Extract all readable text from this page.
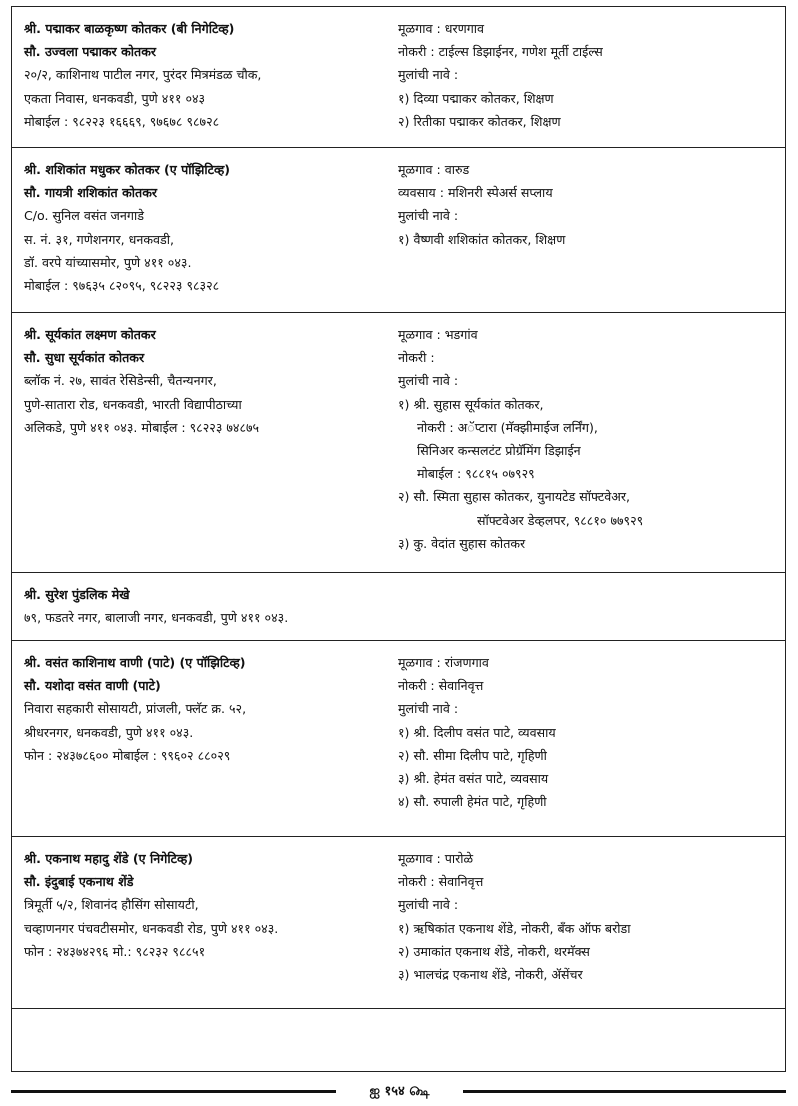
श्री. पद्माकर बाळकृष्ण कोतकर (बी निगेटिव्ह)
सौ. उज्वला पद्माकर कोतकर
२०/२, काशिनाथ पाटील नगर, पुरंदर मित्रमंडळ चौक,
एकता निवास, धनकवडी, पुणे ४११ ०४३
मोबाईल : ९८२२३ १६६६९, ९७६७८ ९८७२८
मूळगाव : धरणगाव
नोकरी : टाईल्स डिझाईनर, गणेश मूर्ती टाईल्स
मुलांची नावे :
१) दिव्या पद्माकर कोतकर, शिक्षण
२) रितीका पद्माकर कोतकर, शिक्षण
श्री. शशिकांत मधुकर कोतकर (ए पॉझिटिव्ह)
सौ. गायत्री शशिकांत कोतकर
C/o. सुनिल वसंत जनगाडे
स. नं. ३१, गणेशनगर, धनकवडी,
डॉ. वरपे यांच्यासमोर, पुणे ४११ ०४३.
मोबाईल : ९७६३५ ८२०९५, ९८२२३ ९८३२८
मूळगाव : वारुड
व्यवसाय : मशिनरी स्पेअर्स सप्लाय
मुलांची नावे :
१) वैष्णवी शशिकांत कोतकर, शिक्षण
श्री. सूर्यकांत लक्ष्मण कोतकर
सौ. सुधा सूर्यकांत कोतकर
ब्लॉक नं. २७, सावंत रेसिडेन्सी, चैतन्यनगर,
पुणे-सातारा रोड, धनकवडी, भारती विद्यापीठाच्या
अलिकडे, पुणे ४११ ०४३. मोबाईल : ९८२२३ ७४८७५
मूळगाव : भडगांव
नोकरी :
मुलांची नावे :
१) श्री. सुहास सूर्यकांत कोतकर,
नोकरी : अॅप्टारा (मॅक्झीमाईज लर्निंग),
सिनिअर कन्सलटंट प्रोग्रॅमिंग डिझाईन
मोबाईल : ९८८१५ ०७९२९
२) सौ. स्मिता सुहास कोतकर, युनायटेड सॉफ्टवेअर,
सॉफ्टवेअर डेव्हलपर, ९८८१० ७७९२९
३) कु. वेदांत सुहास कोतकर
श्री. सुरेश पुंडलिक मेखे
७९, फडतरे नगर, बालाजी नगर, धनकवडी, पुणे ४११ ०४३.
श्री. वसंत काशिनाथ वाणी (पाटे) (ए पॉझिटिव्ह)
सौ. यशोदा वसंत वाणी (पाटे)
निवारा सहकारी सोसायटी, प्रांजली, फ्लॅट क्र. ५२,
श्रीधरनगर, धनकवडी, पुणे ४११ ०४३.
फोन : २४३७८६०० मोबाईल : ९९६०२ ८८०२९
मूळगाव : रांजणगाव
नोकरी : सेवानिवृत्त
मुलांची नावे :
१) श्री. दिलीप वसंत पाटे, व्यवसाय
२) सौ. सीमा दिलीप पाटे, गृहिणी
३) श्री. हेमंत वसंत पाटे, व्यवसाय
४) सौ. रुपाली हेमंत पाटे, गृहिणी
श्री. एकनाथ महादु शेंडे (ए निगेटिव्ह)
सौ. इंदुबाई एकनाथ शेंडे
त्रिमूर्ती ५/२, शिवानंद हौसिंग सोसायटी,
चव्हाणनगर पंचवटीसमोर, धनकवडी रोड, पुणे ४११ ०४३.
फोन : २४३७४२९६ मो.: ९८२३२ ९८८५१
मूळगाव : पारोळे
नोकरी : सेवानिवृत्त
मुलांची नावे :
१) ऋषिकांत एकनाथ शेंडे, नोकरी, बँक ऑफ बरोडा
२) उमाकांत एकनाथ शेंडे, नोकरी, थरमॅक्स
३) भालचंद्र एकनाथ शेंडे, नोकरी, ॲसेंचर
ஐ १५४ ௸
